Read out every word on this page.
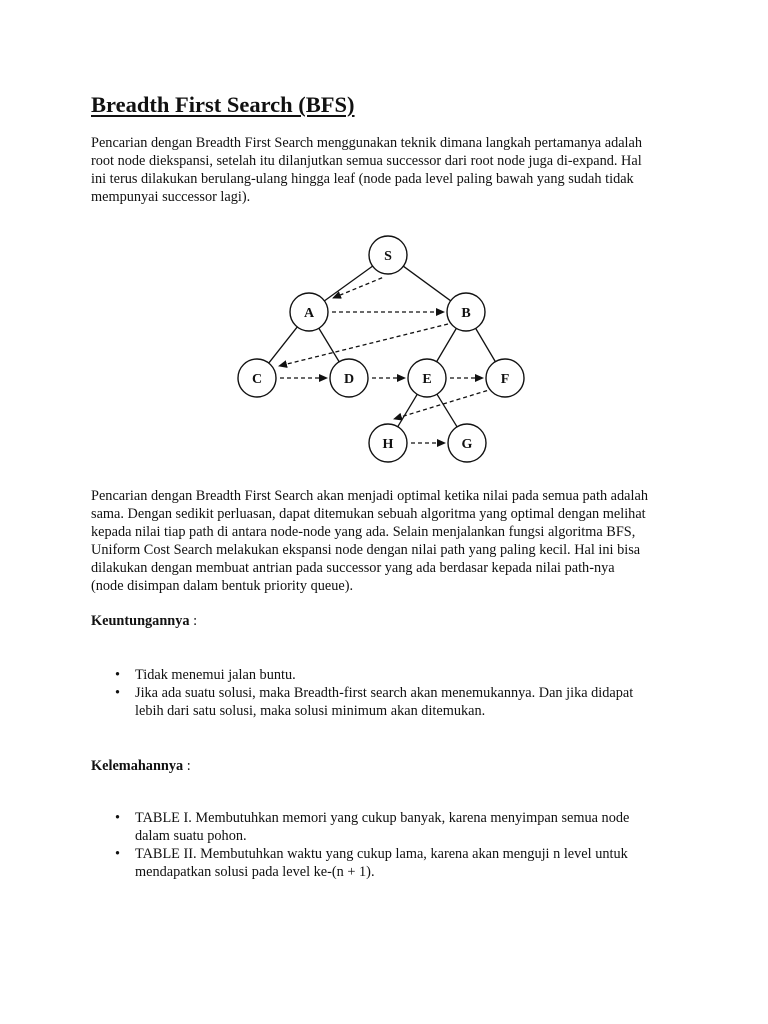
Breadth First Search (BFS)

Pencarian dengan Breadth First Search menggunakan teknik dimana langkah pertamanya adalah
root node diekspansi, setelah itu dilanjutkan semua successor dari root node juga di-expand. Hal
ini terus dilakukan berulang-ulang hingga leaf (node pada level paling bawah yang sudah tidak
mempunyai successor lagi).

S
A	B
C	D	E	F
H	G

Pencarian dengan Breadth First Search akan menjadi optimal ketika nilai pada semua path adalah
sama. Dengan sedikit perluasan, dapat ditemukan sebuah algoritma yang optimal dengan melihat
kepada nilai tiap path di antara node-node yang ada. Selain menjalankan fungsi algoritma BFS,
Uniform Cost Search melakukan ekspansi node dengan nilai path yang paling kecil. Hal ini bisa
dilakukan dengan membuat antrian pada successor yang ada berdasar kepada nilai path-nya
(node disimpan dalam bentuk priority queue).

Keuntungannya :

• Tidak menemui jalan buntu.
• Jika ada suatu solusi, maka Breadth-first search akan menemukannya. Dan jika didapat
lebih dari satu solusi, maka solusi minimum akan ditemukan.

Kelemahannya :

• TABLE I. Membutuhkan memori yang cukup banyak, karena menyimpan semua node
dalam suatu pohon.
• TABLE II. Membutuhkan waktu yang cukup lama, karena akan menguji n level untuk
mendapatkan solusi pada level ke-(n + 1).
